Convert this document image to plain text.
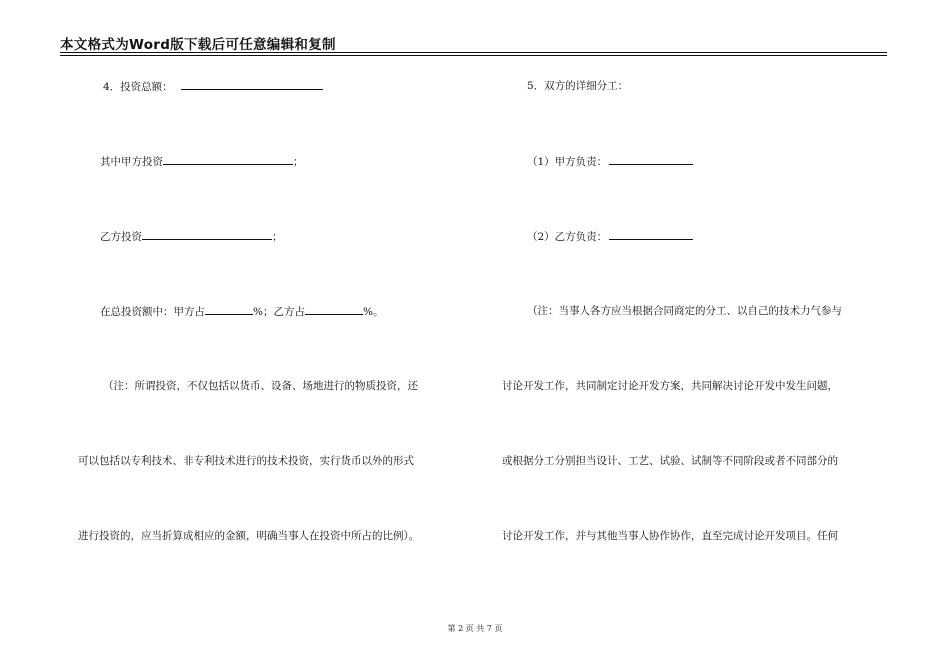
本文格式为Word版下载后可任意编辑和复制
4．投资总额：
其中甲方投资	；
乙方投资	；
在总投资额中：甲方占	%；乙方占	%。
（注：所谓投资，不仅包括以货币、设备、场地进行的物质投资，还
可以包括以专利技术、非专利技术进行的技术投资，实行货币以外的形式
进行投资的，应当折算成相应的金额，明确当事人在投资中所占的比例）。
5．双方的详细分工：
（1）甲方负责：
（2）乙方负责：
（注：当事人各方应当根据合同商定的分工、以自己的技术力气参与
讨论开发工作，共同制定讨论开发方案，共同解决讨论开发中发生问题，
或根据分工分别担当设计、工艺、试验、试制等不同阶段或者不同部分的
讨论开发工作，并与其他当事人协作协作，直至完成讨论开发项目。任何
第 2 页 共 7 页
